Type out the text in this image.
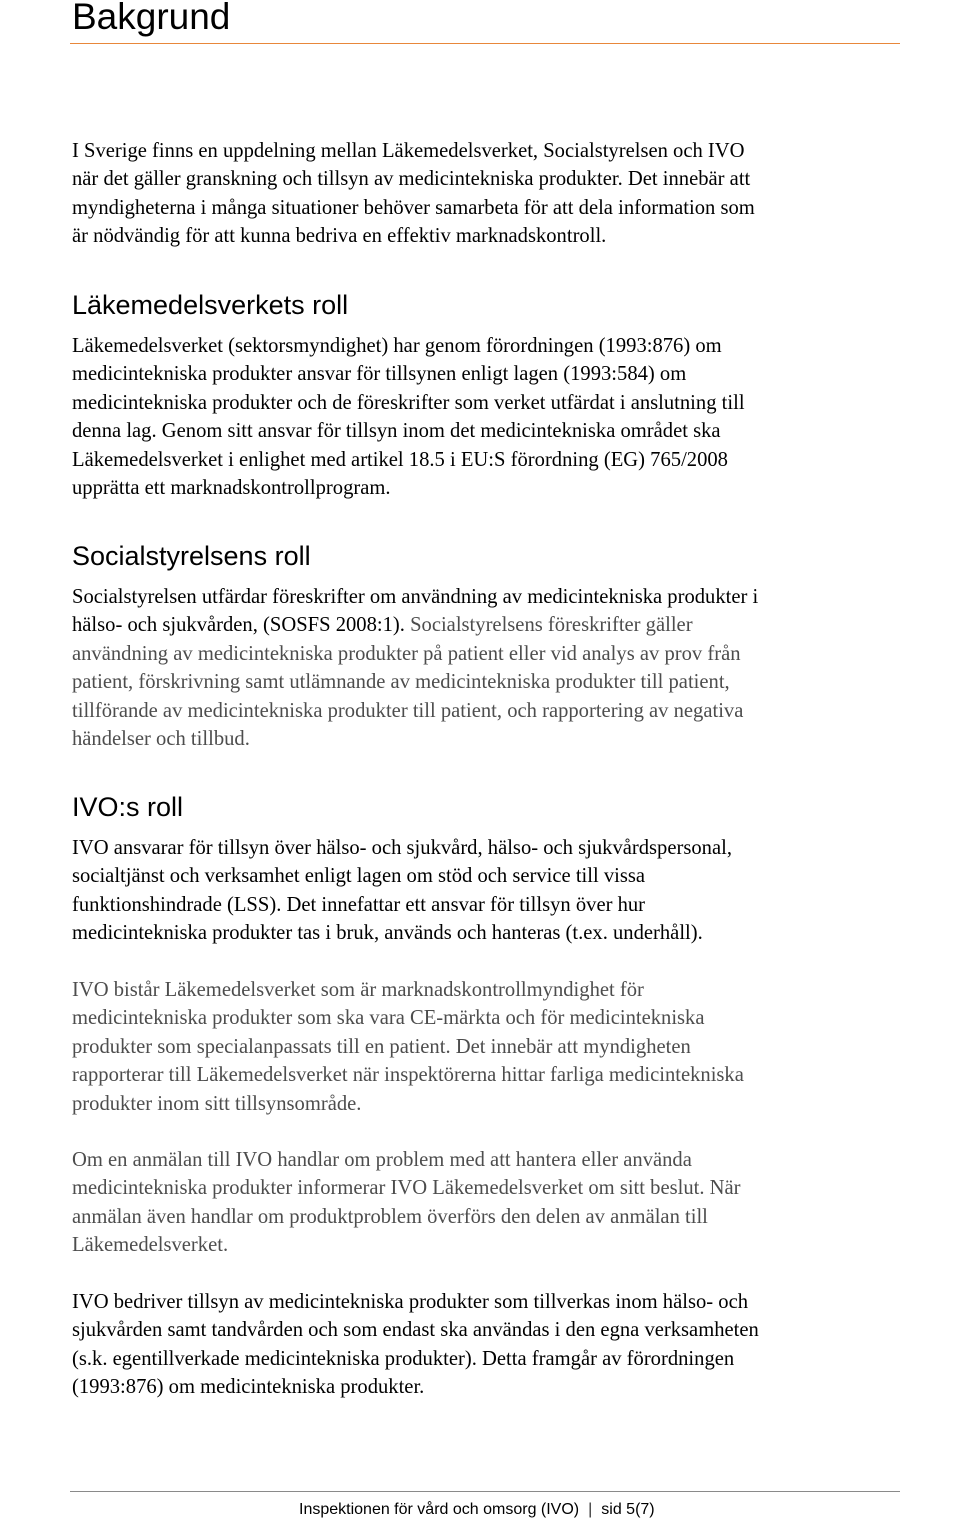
Bakgrund

I Sverige finns en uppdelning mellan Läkemedelsverket, Socialstyrelsen och IVO
när det gäller granskning och tillsyn av medicintekniska produkter. Det innebär att
myndigheterna i många situationer behöver samarbeta för att dela information som
är nödvändig för att kunna bedriva en effektiv marknadskontroll.

Läkemedelsverkets roll

Läkemedelsverket (sektorsmyndighet) har genom förordningen (1993:876) om
medicintekniska produkter ansvar för tillsynen enligt lagen (1993:584) om
medicintekniska produkter och de föreskrifter som verket utfärdat i anslutning till
denna lag. Genom sitt ansvar för tillsyn inom det medicintekniska området ska
Läkemedelsverket i enlighet med artikel 18.5 i EU:S förordning (EG) 765/2008
upprätta ett marknadskontrollprogram.

Socialstyrelsens roll

Socialstyrelsen utfärdar föreskrifter om användning av medicintekniska produkter i
hälso- och sjukvården, (SOSFS 2008:1). Socialstyrelsens föreskrifter gäller
användning av medicintekniska produkter på patient eller vid analys av prov från
patient, förskrivning samt utlämnande av medicintekniska produkter till patient,
tillförande av medicintekniska produkter till patient, och rapportering av negativa
händelser och tillbud.

IVO:s roll

IVO ansvarar för tillsyn över hälso- och sjukvård, hälso- och sjukvårdspersonal,
socialtjänst och verksamhet enligt lagen om stöd och service till vissa
funktionshindrade (LSS). Det innefattar ett ansvar för tillsyn över hur
medicintekniska produkter tas i bruk, används och hanteras (t.ex. underhåll).

IVO bistår Läkemedelsverket som är marknadskontrollmyndighet för
medicintekniska produkter som ska vara CE-märkta och för medicintekniska
produkter som specialanpassats till en patient. Det innebär att myndigheten
rapporterar till Läkemedelsverket när inspektörerna hittar farliga medicintekniska
produkter inom sitt tillsynsområde.

Om en anmälan till IVO handlar om problem med att hantera eller använda
medicintekniska produkter informerar IVO Läkemedelsverket om sitt beslut. När
anmälan även handlar om produktproblem överförs den delen av anmälan till
Läkemedelsverket.

IVO bedriver tillsyn av medicintekniska produkter som tillverkas inom hälso- och
sjukvården samt tandvården och som endast ska användas i den egna verksamheten
(s.k. egentillverkade medicintekniska produkter). Detta framgår av förordningen
(1993:876) om medicintekniska produkter.

Inspektionen för vård och omsorg (IVO) | sid 5(7)
